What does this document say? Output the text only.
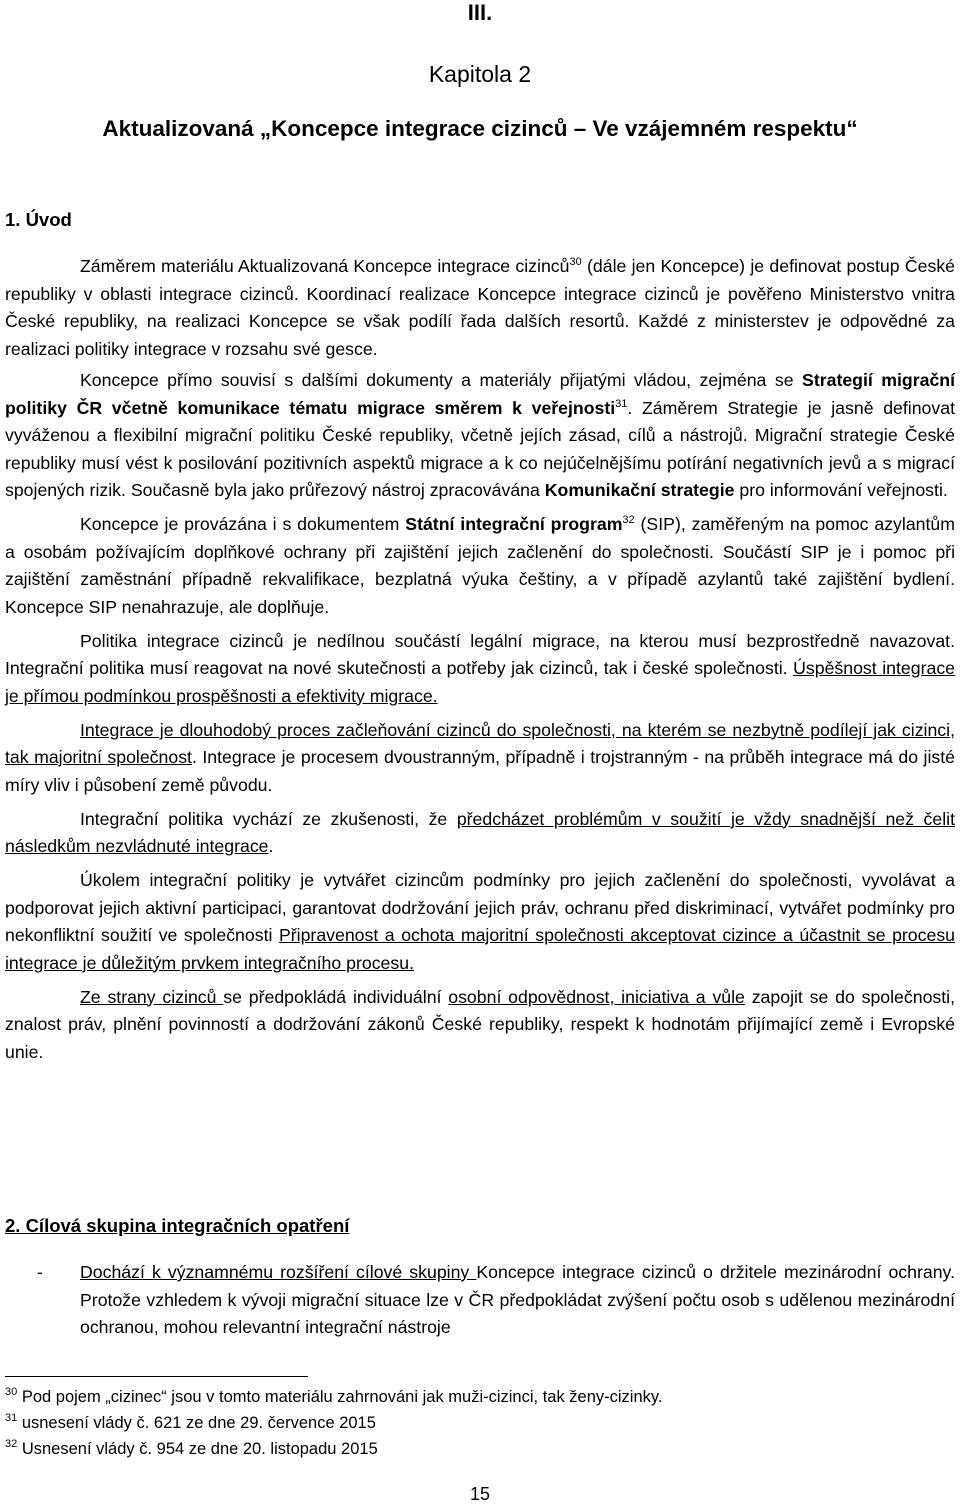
III.
Kapitola 2
Aktualizovaná „Koncepce integrace cizinců – Ve vzájemném respektu“
1. Úvod

Záměrem materiálu Aktualizovaná Koncepce integrace cizinců$^{30}$ (dále jen Koncepce) je definovat postup České republiky v oblasti integrace cizinců. Koordinací realizace Koncepce integrace cizinců je pověřeno Ministerstvo vnitra České republiky, na realizaci Koncepce se však podílí řada dalších resortů. Každé z ministerstev je odpovědné za realizaci politiky integrace v rozsahu své gesce.

Koncepce přímo souvisí s dalšími dokumenty a materiály přijatými vládou, zejména se Strategií migrační politiky ČR včetně komunikace tématu migrace směrem k veřejnosti$^{31}$. Záměrem Strategie je jasně definovat vyváženou a flexibilní migrační politiku České republiky, včetně jejích zásad, cílů a nástrojů. Migrační strategie České republiky musí vést k posilování pozitivních aspektů migrace a k co nejúčelnějšímu potírání negativních jevů a s migrací spojených rizik. Současně byla jako průřezový nástroj zpracovávána Komunikační strategie pro informování veřejnosti.

Koncepce je provázána i s dokumentem Státní integrační program$^{32}$ (SIP), zaměřeným na pomoc azylantům a osobám požívajícím doplňkové ochrany při zajištění jejich začlenění do společnosti. Součástí SIP je i pomoc při zajištění zaměstnání případně rekvalifikace, bezplatná výuka češtiny, a v případě azylantů také zajištění bydlení. Koncepce SIP nenahrazuje, ale doplňuje.

Politika integrace cizinců je nedílnou součástí legální migrace, na kterou musí bezprostředně navazovat. Integrační politika musí reagovat na nové skutečnosti a potřeby jak cizinců, tak i české společnosti. Úspěšnost integrace je přímou podmínkou prospěšnosti a efektivity migrace.

Integrace je dlouhodobý proces začleňování cizinců do společnosti, na kterém se nezbytně podílejí jak cizinci, tak majoritní společnost. Integrace je procesem dvoustranným, případně i trojstranným - na průběh integrace má do jisté míry vliv i působení země původu.

Integrační politika vychází ze zkušenosti, že předcházet problémům v soužití je vždy snadnější než čelit následkům nezvládnuté integrace.

Úkolem integrační politiky je vytvářet cizincům podmínky pro jejich začlenění do společnosti, vyvolávat a podporovat jejich aktivní participaci, garantovat dodržování jejich práv, ochranu před diskriminací, vytvářet podmínky pro nekonfliktní soužití ve společnosti Připravenost a ochota majoritní společnosti akceptovat cizince a účastnit se procesu integrace je důležitým prvkem integračního procesu.

Ze strany cizinců se předpokládá individuální osobní odpovědnost, iniciativa a vůle zapojit se do společnosti, znalost práv, plnění povinností a dodržování zákonů České republiky, respekt k hodnotám přijímající země i Evropské unie.

2. Cílová skupina integračních opatření
- Dochází k významnému rozšíření cílové skupiny Koncepce integrace cizinců o držitele mezinárodní ochrany. Protože vzhledem k vývoji migrační situace lze v ČR předpokládat zvýšení počtu osob s udělenou mezinárodní ochranou, mohou relevantní integrační nástroje
$^{30}$ Pod pojem „cizinec“ jsou v tomto materiálu zahrnováni jak muži-cizinci, tak ženy-cizinky.
$^{31}$ usnesení vlády č. 621 ze dne 29. července 2015
$^{32}$ Usnesení vlády č. 954 ze dne 20. listopadu 2015
15
